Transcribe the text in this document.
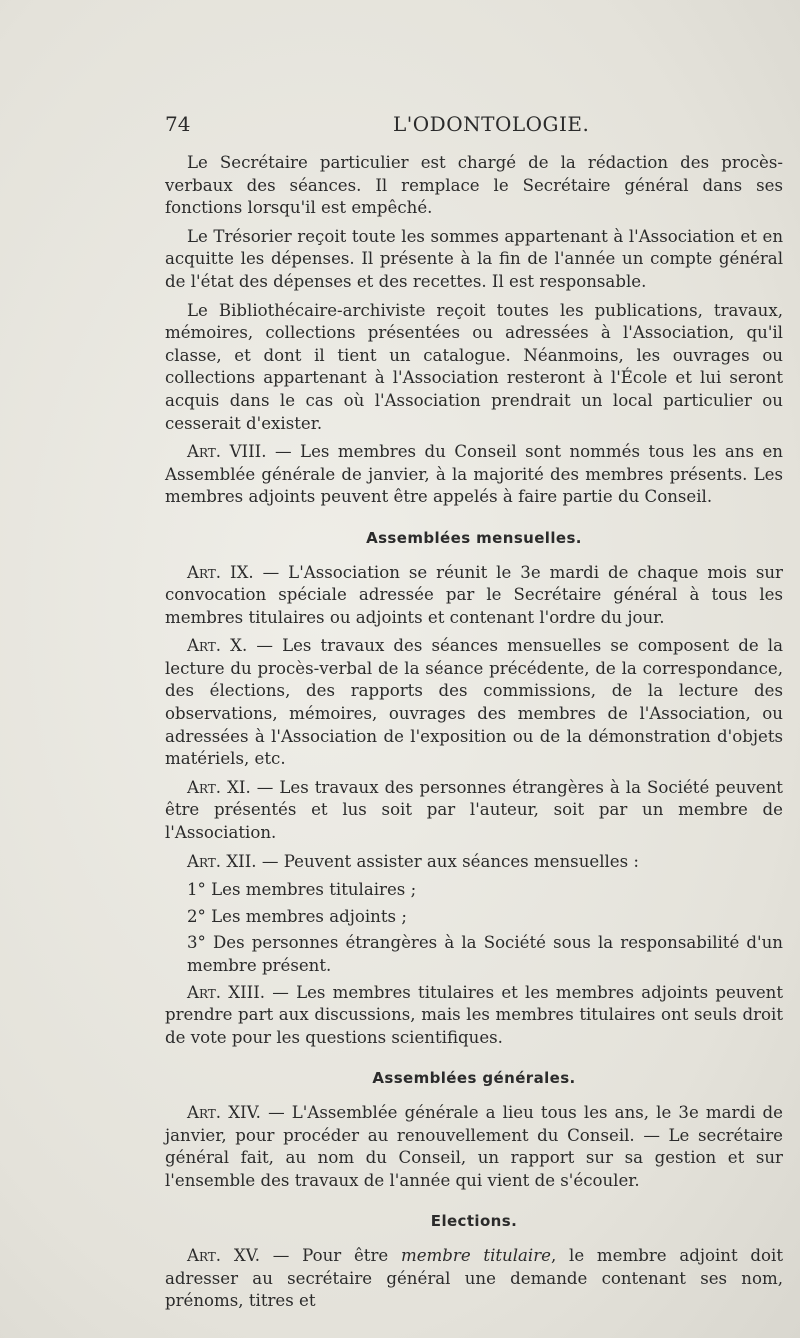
74	L'ODONTOLOGIE.

Le Secrétaire particulier est chargé de la rédaction des procès-verbaux des séances. Il remplace le Secrétaire général dans ses fonctions lorsqu'il est empêché.

Le Trésorier reçoit toute les sommes appartenant à l'Association et en acquitte les dépenses. Il présente à la fin de l'année un compte général de l'état des dépenses et des recettes. Il est responsable.

Le Bibliothécaire-archiviste reçoit toutes les publications, travaux, mémoires, collections présentées ou adressées à l'Association, qu'il classe, et dont il tient un catalogue. Néanmoins, les ouvrages ou collections appartenant à l'Association resteront à l'École et lui seront acquis dans le cas où l'Association prendrait un local particulier ou cesserait d'exister.

Art. VIII. — Les membres du Conseil sont nommés tous les ans en Assemblée générale de janvier, à la majorité des membres présents. Les membres adjoints peuvent être appelés à faire partie du Conseil.

Assemblées mensuelles.

Art. IX. — L'Association se réunit le 3e mardi de chaque mois sur convocation spéciale adressée par le Secrétaire général à tous les membres titulaires ou adjoints et contenant l'ordre du jour.

Art. X. — Les travaux des séances mensuelles se composent de la lecture du procès-verbal de la séance précédente, de la correspondance, des élections, des rapports des commissions, de la lecture des observations, mémoires, ouvrages des membres de l'Association, ou adressées à l'Association de l'exposition ou de la démonstration d'objets matériels, etc.

Art. XI. — Les travaux des personnes étrangères à la Société peuvent être présentés et lus soit par l'auteur, soit par un membre de l'Association.

Art. XII. — Peuvent assister aux séances mensuelles :

1° Les membres titulaires ;

2° Les membres adjoints ;

3° Des personnes étrangères à la Société sous la responsabilité d'un membre présent.

Art. XIII. — Les membres titulaires et les membres adjoints peuvent prendre part aux discussions, mais les membres titulaires ont seuls droit de vote pour les questions scientifiques.

Assemblées générales.

Art. XIV. — L'Assemblée générale a lieu tous les ans, le 3e mardi de janvier, pour procéder au renouvellement du Conseil. — Le secrétaire général fait, au nom du Conseil, un rapport sur sa gestion et sur l'ensemble des travaux de l'année qui vient de s'écouler.

Elections.

Art. XV. — Pour être membre titulaire, le membre adjoint doit adresser au secrétaire général une demande contenant ses nom, prénoms, titres et
